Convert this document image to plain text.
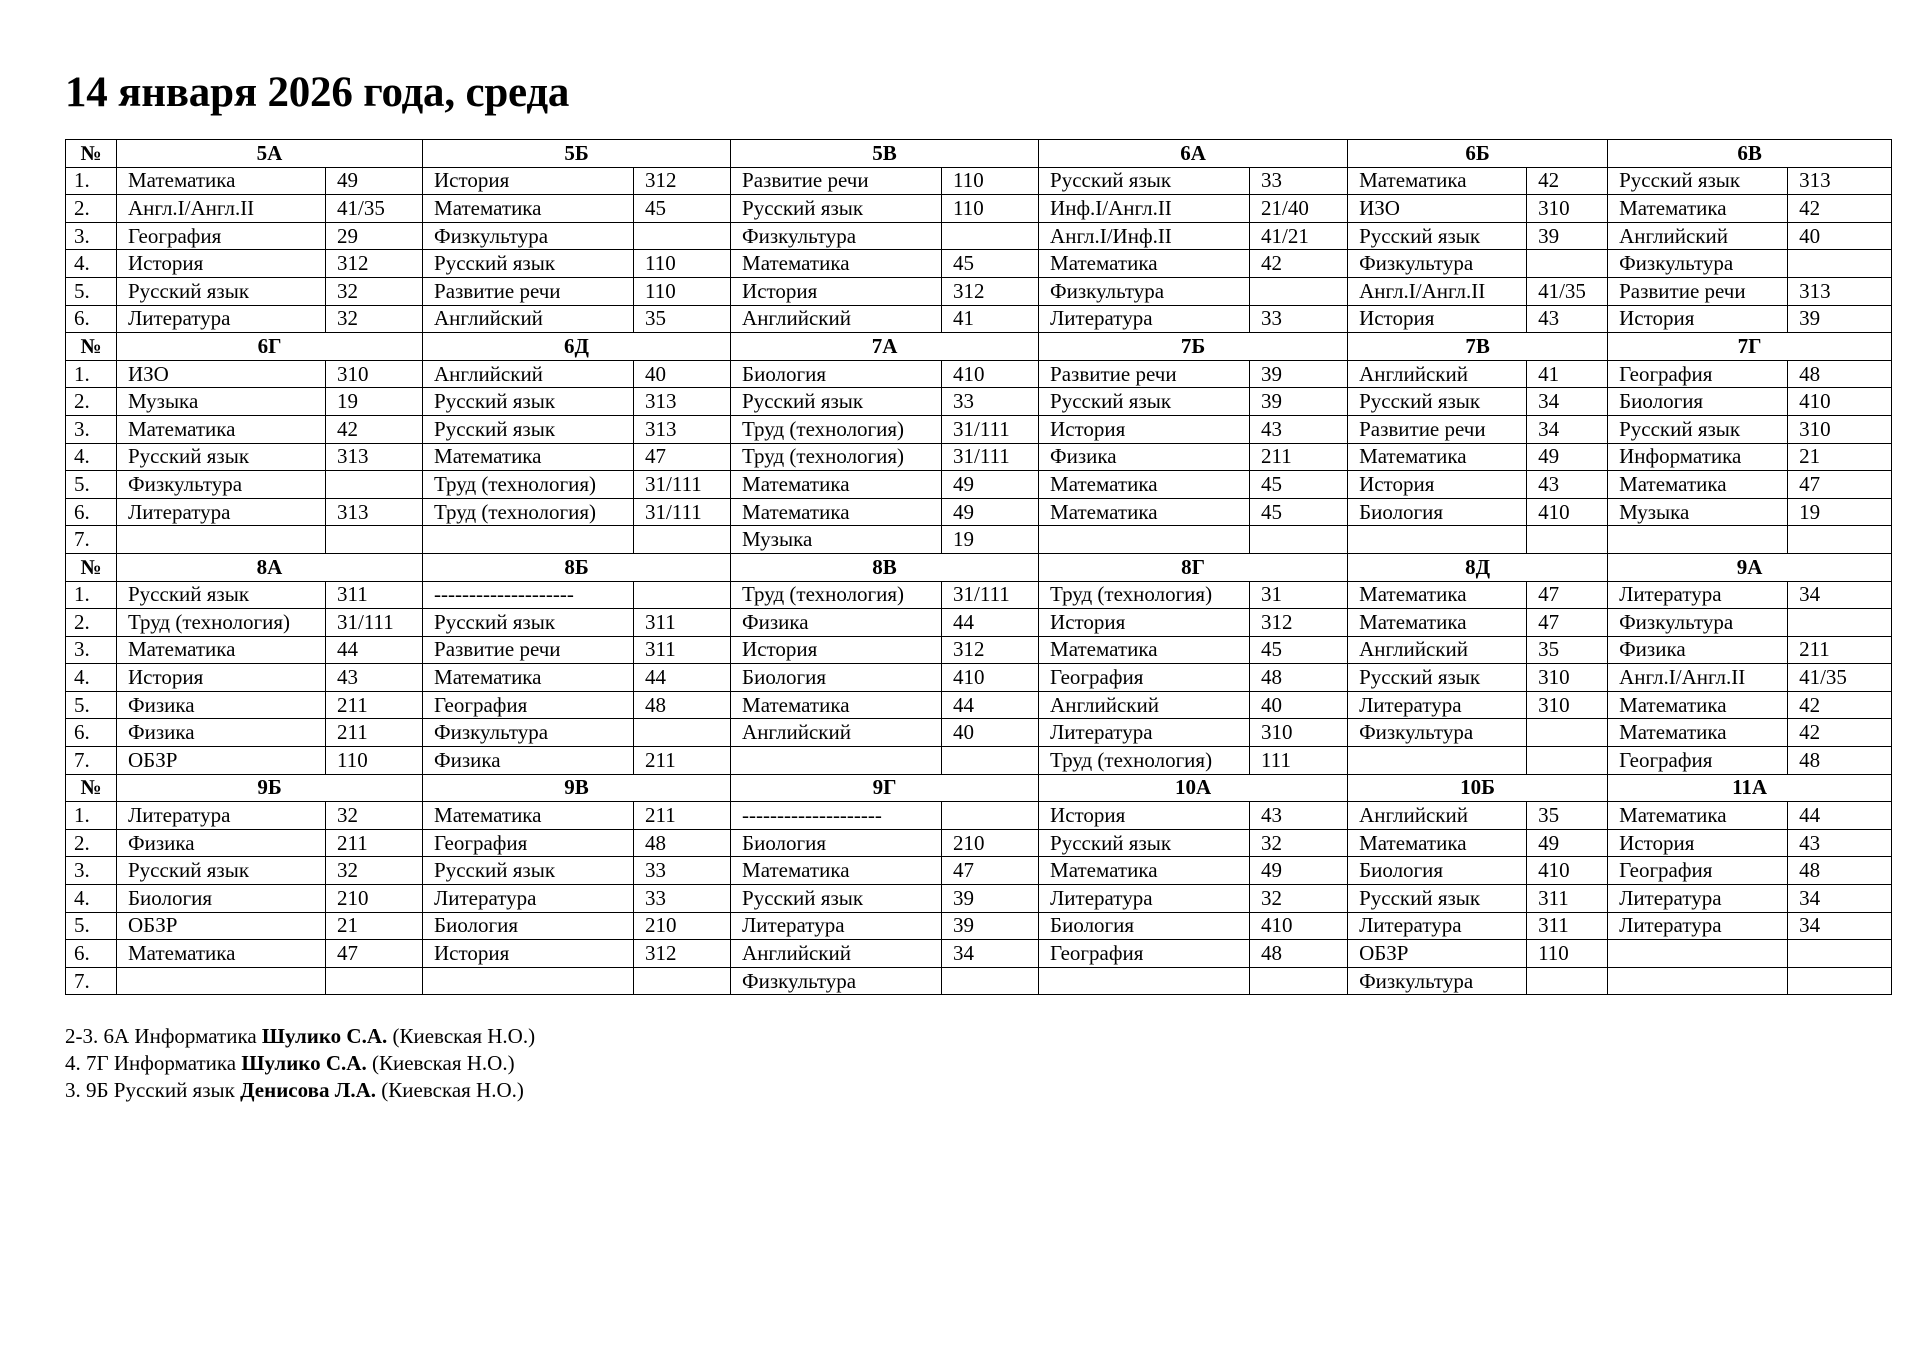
14 января 2026 года, среда
№	5А		5Б		5В		6А		6Б		6В	
1.	Математика	49	История	312	Развитие речи	110	Русский язык	33	Математика	42	Русский язык	313
2.	Англ.I/Англ.II	41/35	Математика	45	Русский язык	110	Инф.I/Англ.II	21/40	ИЗО	310	Математика	42
3.	География	29	Физкультура		Физкультура		Англ.I/Инф.II	41/21	Русский язык	39	Английский	40
4.	История	312	Русский язык	110	Математика	45	Математика	42	Физкультура		Физкультура	
5.	Русский язык	32	Развитие речи	110	История	312	Физкультура		Англ.I/Англ.II	41/35	Развитие речи	313
6.	Литература	32	Английский	35	Английский	41	Литература	33	История	43	История	39
№	6Г		6Д		7А		7Б		7В		7Г	
1.	ИЗО	310	Английский	40	Биология	410	Развитие речи	39	Английский	41	География	48
2.	Музыка	19	Русский язык	313	Русский язык	33	Русский язык	39	Русский язык	34	Биология	410
3.	Математика	42	Русский язык	313	Труд (технология)	31/111	История	43	Развитие речи	34	Русский язык	310
4.	Русский язык	313	Математика	47	Труд (технология)	31/111	Физика	211	Математика	49	Информатика	21
5.	Физкультура		Труд (технология)	31/111	Математика	49	Математика	45	История	43	Математика	47
6.	Литература	313	Труд (технология)	31/111	Математика	49	Математика	45	Биология	410	Музыка	19
7.					Музыка	19						
№	8А		8Б		8В		8Г		8Д		9А	
1.	Русский язык	311	--------------------		Труд (технология)	31/111	Труд (технология)	31	Математика	47	Литература	34
2.	Труд (технология)	31/111	Русский язык	311	Физика	44	История	312	Математика	47	Физкультура	
3.	Математика	44	Развитие речи	311	История	312	Математика	45	Английский	35	Физика	211
4.	История	43	Математика	44	Биология	410	География	48	Русский язык	310	Англ.I/Англ.II	41/35
5.	Физика	211	География	48	Математика	44	Английский	40	Литература	310	Математика	42
6.	Физика	211	Физкультура		Английский	40	Литература	310	Физкультура		Математика	42
7.	ОБЗР	110	Физика	211			Труд (технология)	111			География	48
№	9Б		9В		9Г		10А		10Б		11А	
1.	Литература	32	Математика	211	--------------------		История	43	Английский	35	Математика	44
2.	Физика	211	География	48	Биология	210	Русский язык	32	Математика	49	История	43
3.	Русский язык	32	Русский язык	33	Математика	47	Математика	49	Биология	410	География	48
4.	Биология	210	Литература	33	Русский язык	39	Литература	32	Русский язык	311	Литература	34
5.	ОБЗР	21	Биология	210	Литература	39	Биология	410	Литература	311	Литература	34
6.	Математика	47	История	312	Английский	34	География	48	ОБЗР	110		
7.					Физкультура				Физкультура			
2-3. 6А Информатика Шулико С.А. (Киевская Н.О.)
4. 7Г Информатика Шулико С.А. (Киевская Н.О.)
3. 9Б Русский язык Денисова Л.А. (Киевская Н.О.)
